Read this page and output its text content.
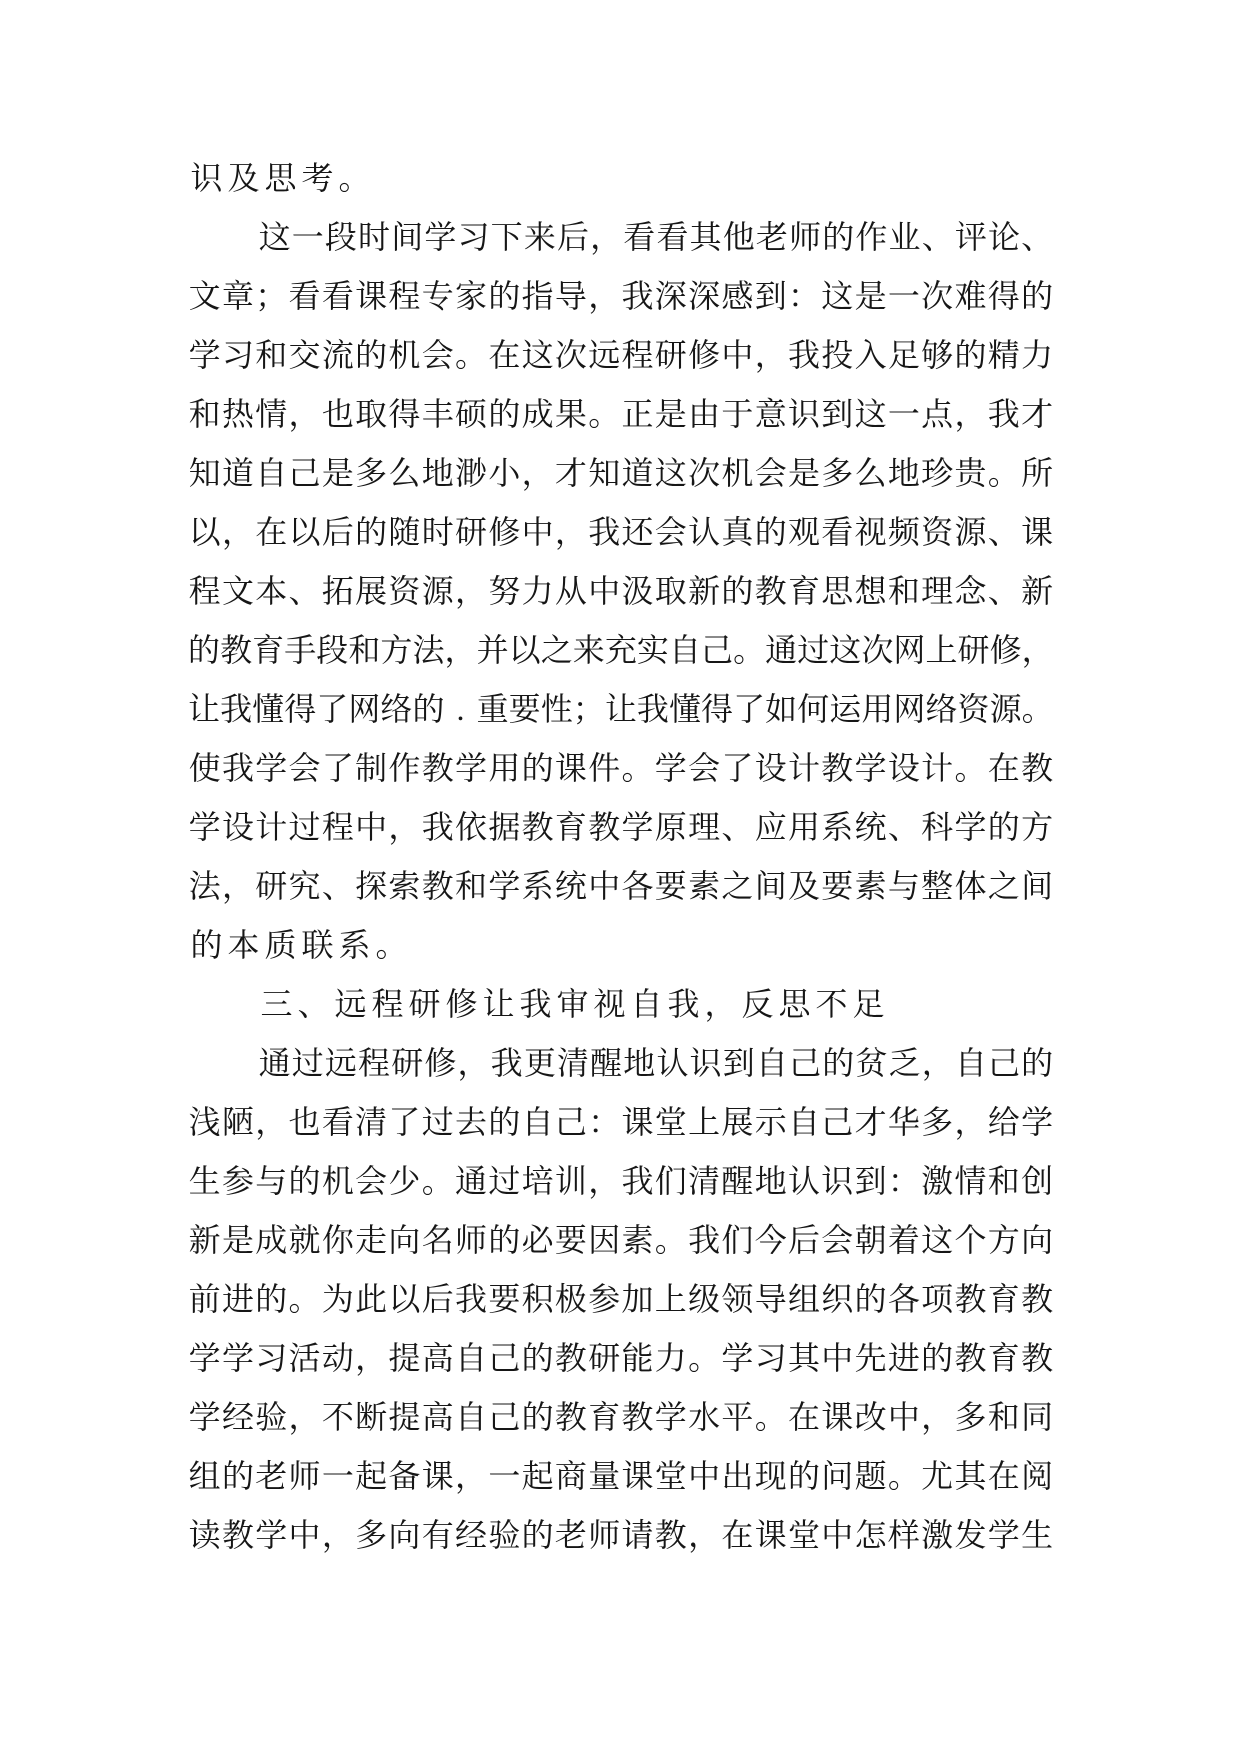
识 及 思 考 。
这 一 段 时 间 学 习 下 来 后 ， 看 看 其 他 老 师 的 作 业 、 评 论 、
文 章 ； 看 看 课 程 专 家 的 指 导 ， 我 深 深 感 到 ： 这 是 一 次 难 得 的
学 习 和 交 流 的 机 会 。 在 这 次 远 程 研 修 中 ， 我 投 入 足 够 的 精 力
和 热 情 ， 也 取 得 丰 硕 的 成 果 。 正 是 由 于 意 识 到 这 一 点 ， 我 才
知 道 自 己 是 多 么 地 渺 小 ， 才 知 道 这 次 机 会 是 多 么 地 珍 贵 。 所
以 ， 在 以 后 的 随 时 研 修 中 ， 我 还 会 认 真 的 观 看 视 频 资 源 、 课
程 文 本 、 拓 展 资 源 ， 努 力 从 中 汲 取 新 的 教 育 思 想 和 理 念 、 新
的 教 育 手 段 和 方 法 ， 并 以 之 来 充 实 自 己 。 通 过 这 次 网 上 研 修 ，
让 我 懂 得 了 网 络 的 . 重 要 性 ； 让 我 懂 得 了 如 何 运 用 网 络 资 源 。
使 我 学 会 了 制 作 教 学 用 的 课 件 。 学 会 了 设 计 教 学 设 计 。 在 教
学 设 计 过 程 中 ， 我 依 据 教 育 教 学 原 理 、 应 用 系 统 、 科 学 的 方
法 ， 研 究 、 探 索 教 和 学 系 统 中 各 要 素 之 间 及 要 素 与 整 体 之 间
的 本 质 联 系 。
三 、 远 程 研 修 让 我 审 视 自 我 ， 反 思 不 足
通 过 远 程 研 修 ， 我 更 清 醒 地 认 识 到 自 己 的 贫 乏 ， 自 己 的
浅 陋 ， 也 看 清 了 过 去 的 自 己 ： 课 堂 上 展 示 自 己 才 华 多 ， 给 学
生 参 与 的 机 会 少 。 通 过 培 训 ， 我 们 清 醒 地 认 识 到 ： 激 情 和 创
新 是 成 就 你 走 向 名 师 的 必 要 因 素 。 我 们 今 后 会 朝 着 这 个 方 向
前 进 的 。 为 此 以 后 我 要 积 极 参 加 上 级 领 导 组 织 的 各 项 教 育 教
学 学 习 活 动 ， 提 高 自 己 的 教 研 能 力 。 学 习 其 中 先 进 的 教 育 教
学 经 验 ， 不 断 提 高 自 己 的 教 育 教 学 水 平 。 在 课 改 中 ， 多 和 同
组 的 老 师 一 起 备 课 ， 一 起 商 量 课 堂 中 出 现 的 问 题 。 尤 其 在 阅
读 教 学 中 ， 多 向 有 经 验 的 老 师 请 教 ， 在 课 堂 中 怎 样 激 发 学 生
